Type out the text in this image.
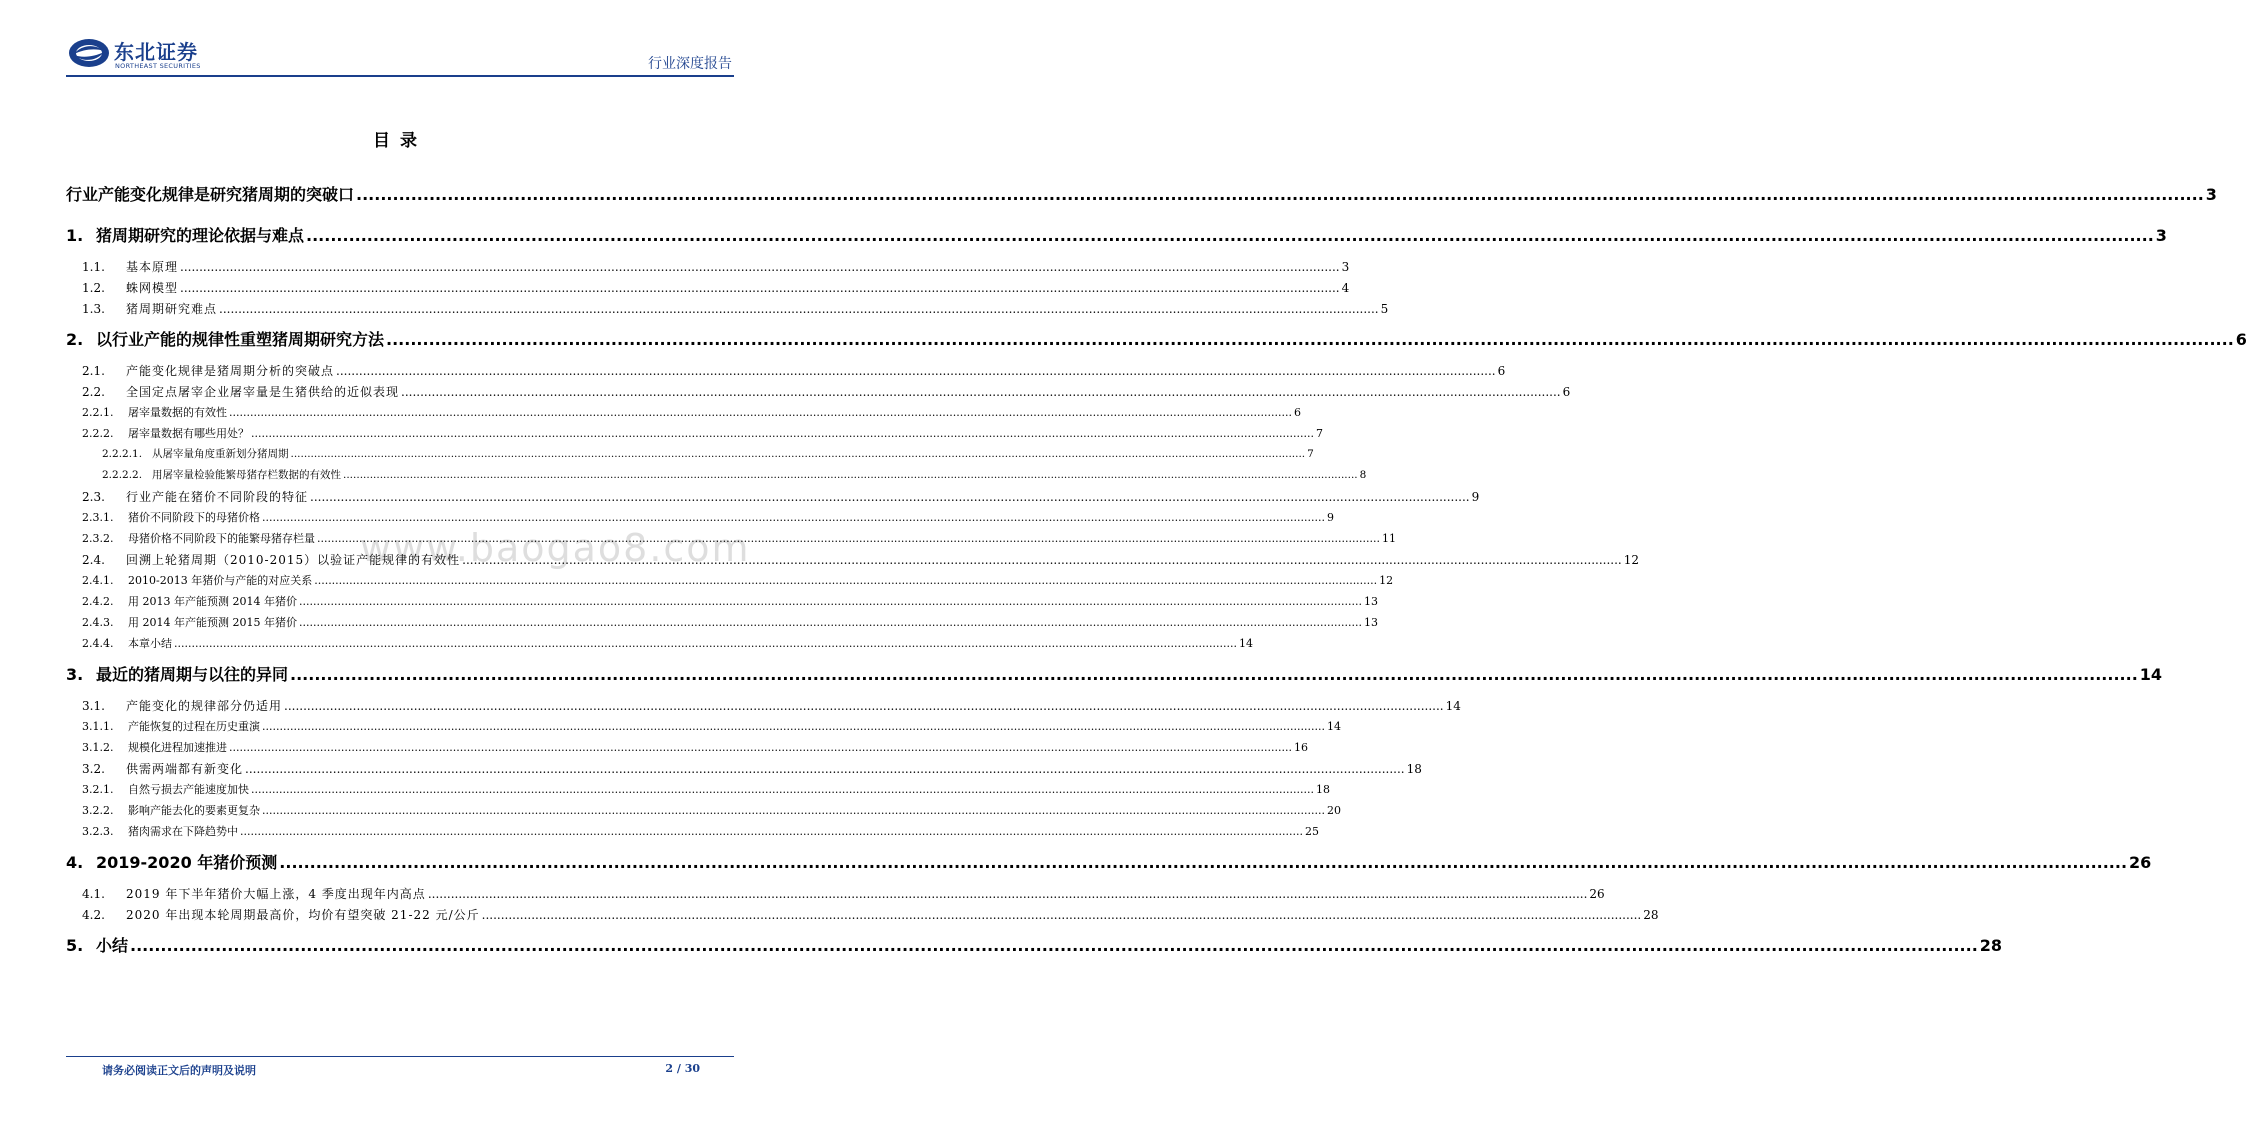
东北证券
NORTHEAST SECURITIES	行业深度报告
目录
www.baogao8.com
行业产能变化规律是研究猪周期的突破口 .....	3
1. 猪周期研究的理论依据与难点 .....	3
1.1.	基本原理 .....	3
1.2.	蛛网模型 .....	4
1.3.	猪周期研究难点 .....	5
2. 以行业产能的规律性重塑猪周期研究方法 .....	6
2.1.	产能变化规律是猪周期分析的突破点 .....	6
2.2.	全国定点屠宰企业屠宰量是生猪供给的近似表现 .....	6
2.2.1.	屠宰量数据的有效性 .....	6
2.2.2.	屠宰量数据有哪些用处？ .....	7
2.2.2.1. 从屠宰量角度重新划分猪周期 .....	7
2.2.2.2. 用屠宰量检验能繁母猪存栏数据的有效性 .....	8
2.3.	行业产能在猪价不同阶段的特征 .....	9
2.3.1.	猪价不同阶段下的母猪价格 .....	9
2.3.2.	母猪价格不同阶段下的能繁母猪存栏量 .....	11
2.4.	回溯上轮猪周期（2010-2015）以验证产能规律的有效性 .....	12
2.4.1.	2010-2013 年猪价与产能的对应关系 .....	12
2.4.2.	用 2013 年产能预测 2014 年猪价 .....	13
2.4.3.	用 2014 年产能预测 2015 年猪价 .....	13
2.4.4.	本章小结 .....	14
3. 最近的猪周期与以往的异同 .....	14
3.1.	产能变化的规律部分仍适用 .....	14
3.1.1.	产能恢复的过程在历史重演 .....	14
3.1.2.	规模化进程加速推进 .....	16
3.2.	供需两端都有新变化 .....	18
3.2.1.	自然亏损去产能速度加快 .....	18
3.2.2.	影响产能去化的要素更复杂 .....	20
3.2.3.	猪肉需求在下降趋势中 .....	25
4. 2019-2020 年猪价预测 .....	26
4.1.	2019 年下半年猪价大幅上涨，4 季度出现年内高点 .....	26
4.2.	2020 年出现本轮周期最高价，均价有望突破 21-22 元/公斤 .....	28
5. 小结 .....	28
请务必阅读正文后的声明及说明	2 / 30
